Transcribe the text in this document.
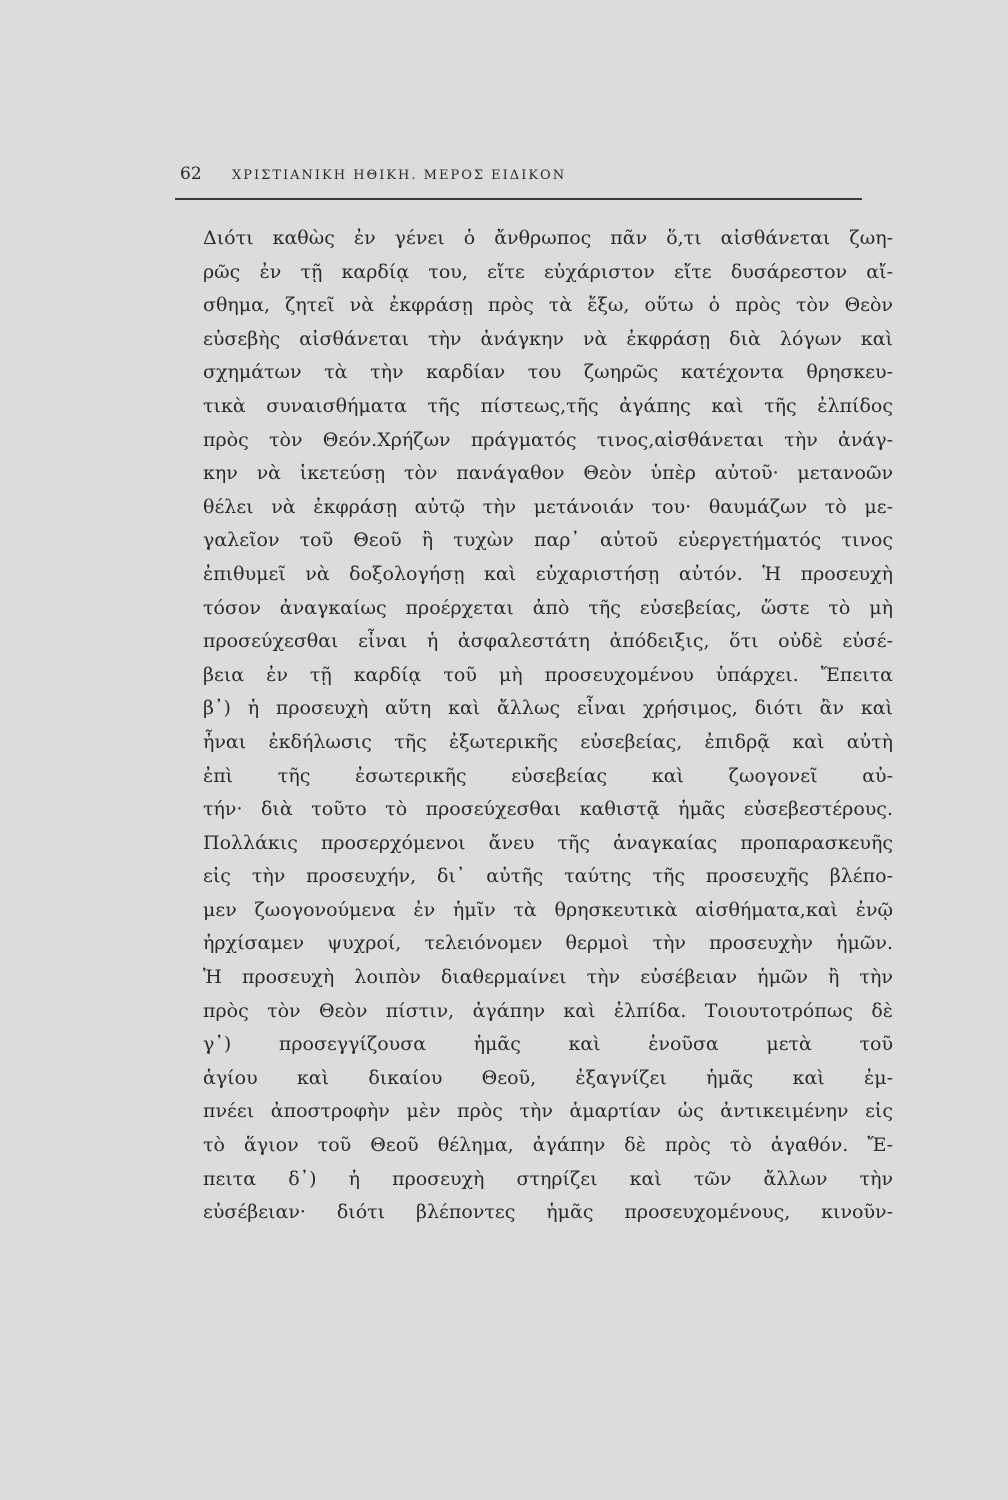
62 ΧΡΙΣΤΙΑΝΙΚΗ ΗΘΙΚΗ. ΜΕΡΟΣ ΕΙΔΙΚΟΝ
Διότι καθὼς ἐν γένει ὁ ἄνθρωπος πᾶν ὅ,τι αἰσθάνεται ζωη-
ρῶς ἐν τῇ καρδίᾳ του, εἴτε εὐχάριστον εἴτε δυσάρεστον αἴ-
σθημα, ζητεῖ νὰ ἐκφράσῃ πρὸς τὰ ἔξω, οὕτω ὁ πρὸς τὸν Θεὸν
εὐσεβὴς αἰσθάνεται τὴν ἀνάγκην νὰ ἐκφράσῃ διὰ λόγων καὶ
σχημάτων τὰ τὴν καρδίαν του ζωηρῶς κατέχοντα θρησκευ-
τικὰ συναισθήματα τῆς πίστεως,τῆς ἀγάπης καὶ τῆς ἐλπίδος
πρὸς τὸν Θεόν.Χρήζων πράγματός τινος,αἰσθάνεται τὴν ἀνάγ-
κην νὰ ἱκετεύσῃ τὸν πανάγαθον Θεὸν ὑπὲρ αὐτοῦ· μετανοῶν
θέλει νὰ ἐκφράσῃ αὐτῷ τὴν μετάνοιάν του· θαυμάζων τὸ με-
γαλεῖον τοῦ Θεοῦ ἢ τυχὼν παρ᾽ αὐτοῦ εὐεργετήματός τινος
ἐπιθυμεῖ νὰ δοξολογήσῃ καὶ εὐχαριστήσῃ αὐτόν. Ἡ προσευχὴ
τόσον ἀναγκαίως προέρχεται ἀπὸ τῆς εὐσεβείας, ὥστε τὸ μὴ
προσεύχεσθαι εἶναι ἡ ἀσφαλεστάτη ἀπόδειξις, ὅτι οὐδὲ εὐσέ-
βεια ἐν τῇ καρδίᾳ τοῦ μὴ προσευχομένου ὑπάρχει. Ἔπειτα
β᾽) ἡ προσευχὴ αὕτη καὶ ἄλλως εἶναι χρήσιμος, διότι ἂν καὶ
ἦναι ἐκδήλωσις τῆς ἐξωτερικῆς εὐσεβείας, ἐπιδρᾷ καὶ αὐτὴ
ἐπὶ τῆς ἐσωτερικῆς εὐσεβείας καὶ ζωογονεῖ αὐ-
τήν· διὰ τοῦτο τὸ προσεύχεσθαι καθιστᾷ ἡμᾶς εὐσεβεστέρους.
Πολλάκις προσερχόμενοι ἄνευ τῆς ἀναγκαίας προπαρασκευῆς
εἰς τὴν προσευχήν, δι᾽ αὐτῆς ταύτης τῆς προσευχῆς βλέπο-
μεν ζωογονούμενα ἐν ἡμῖν τὰ θρησκευτικὰ αἰσθήματα,καὶ ἐνῷ
ἠρχίσαμεν ψυχροί, τελειόνομεν θερμοὶ τὴν προσευχὴν ἡμῶν.
Ἡ προσευχὴ λοιπὸν διαθερμαίνει τὴν εὐσέβειαν ἡμῶν ἢ τὴν
πρὸς τὸν Θεὸν πίστιν, ἀγάπην καὶ ἐλπίδα. Τοιουτοτρόπως δὲ
γ᾽) προσεγγίζουσα ἡμᾶς καὶ ἑνοῦσα μετὰ τοῦ
ἁγίου καὶ δικαίου Θεοῦ, ἐξαγνίζει ἡμᾶς καὶ ἐμ-
πνέει ἀποστροφὴν μὲν πρὸς τὴν ἁμαρτίαν ὡς ἀντικειμένην εἰς
τὸ ἅγιον τοῦ Θεοῦ θέλημα, ἀγάπην δὲ πρὸς τὸ ἀγαθόν. Ἔ-
πειτα δ᾽) ἡ προσευχὴ στηρίζει καὶ τῶν ἄλλων τὴν
εὐσέβειαν· διότι βλέποντες ἡμᾶς προσευχομένους, κινοῦν-
